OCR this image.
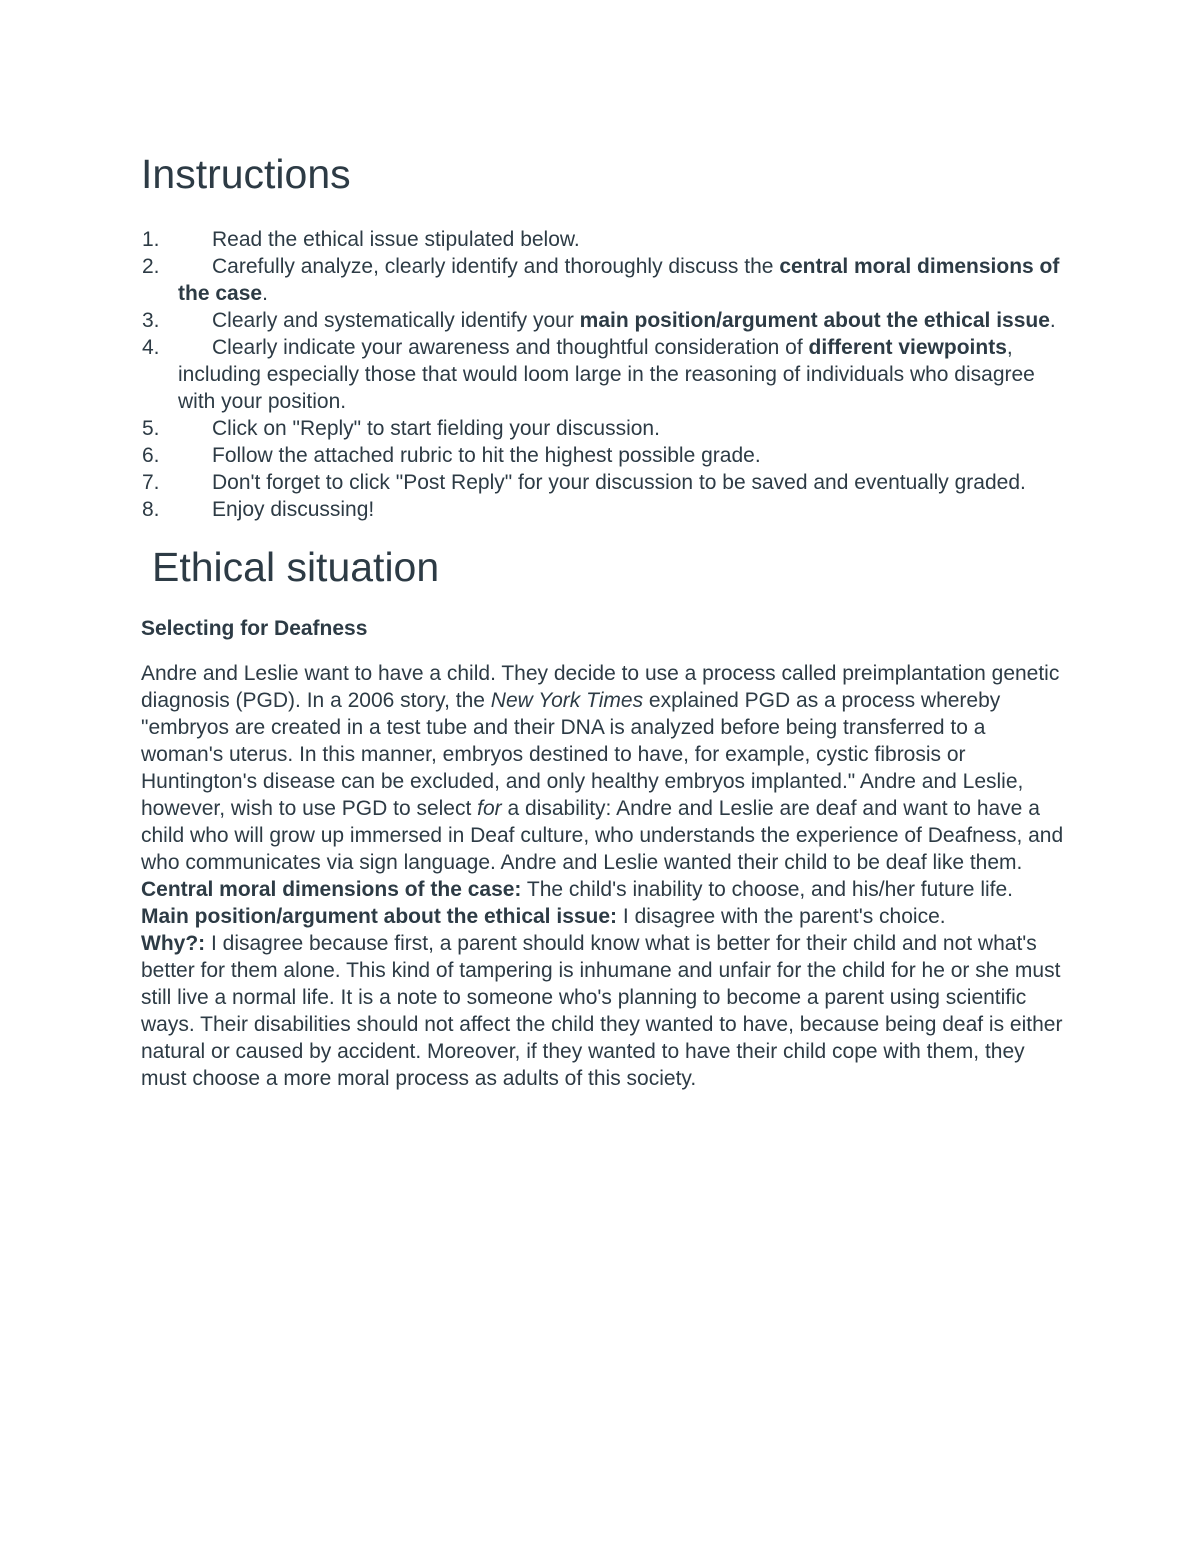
Instructions
1.	Read the ethical issue stipulated below.
2.	Carefully analyze, clearly identify and thoroughly discuss the central moral dimensions of the case.
3.	Clearly and systematically identify your main position/argument about the ethical issue.
4.	Clearly indicate your awareness and thoughtful consideration of different viewpoints, including especially those that would loom large in the reasoning of individuals who disagree with your position.
5.	Click on "Reply" to start fielding your discussion.
6.	Follow the attached rubric to hit the highest possible grade.
7.	Don't forget to click "Post Reply" for your discussion to be saved and eventually graded.
8.	Enjoy discussing!
Ethical situation
Selecting for Deafness

Andre and Leslie want to have a child. They decide to use a process called preimplantation genetic diagnosis (PGD). In a 2006 story, the New York Times explained PGD as a process whereby "embryos are created in a test tube and their DNA is analyzed before being transferred to a woman's uterus. In this manner, embryos destined to have, for example, cystic fibrosis or Huntington's disease can be excluded, and only healthy embryos implanted." Andre and Leslie, however, wish to use PGD to select for a disability: Andre and Leslie are deaf and want to have a child who will grow up immersed in Deaf culture, who understands the experience of Deafness, and who communicates via sign language. Andre and Leslie wanted their child to be deaf like them.

Central moral dimensions of the case: The child's inability to choose, and his/her future life.

Main position/argument about the ethical issue: I disagree with the parent's choice.

Why?: I disagree because first, a parent should know what is better for their child and not what's better for them alone. This kind of tampering is inhumane and unfair for the child for he or she must still live a normal life. It is a note to someone who's planning to become a parent using scientific ways. Their disabilities should not affect the child they wanted to have, because being deaf is either natural or caused by accident. Moreover, if they wanted to have their child cope with them, they must choose a more moral process as adults of this society.
